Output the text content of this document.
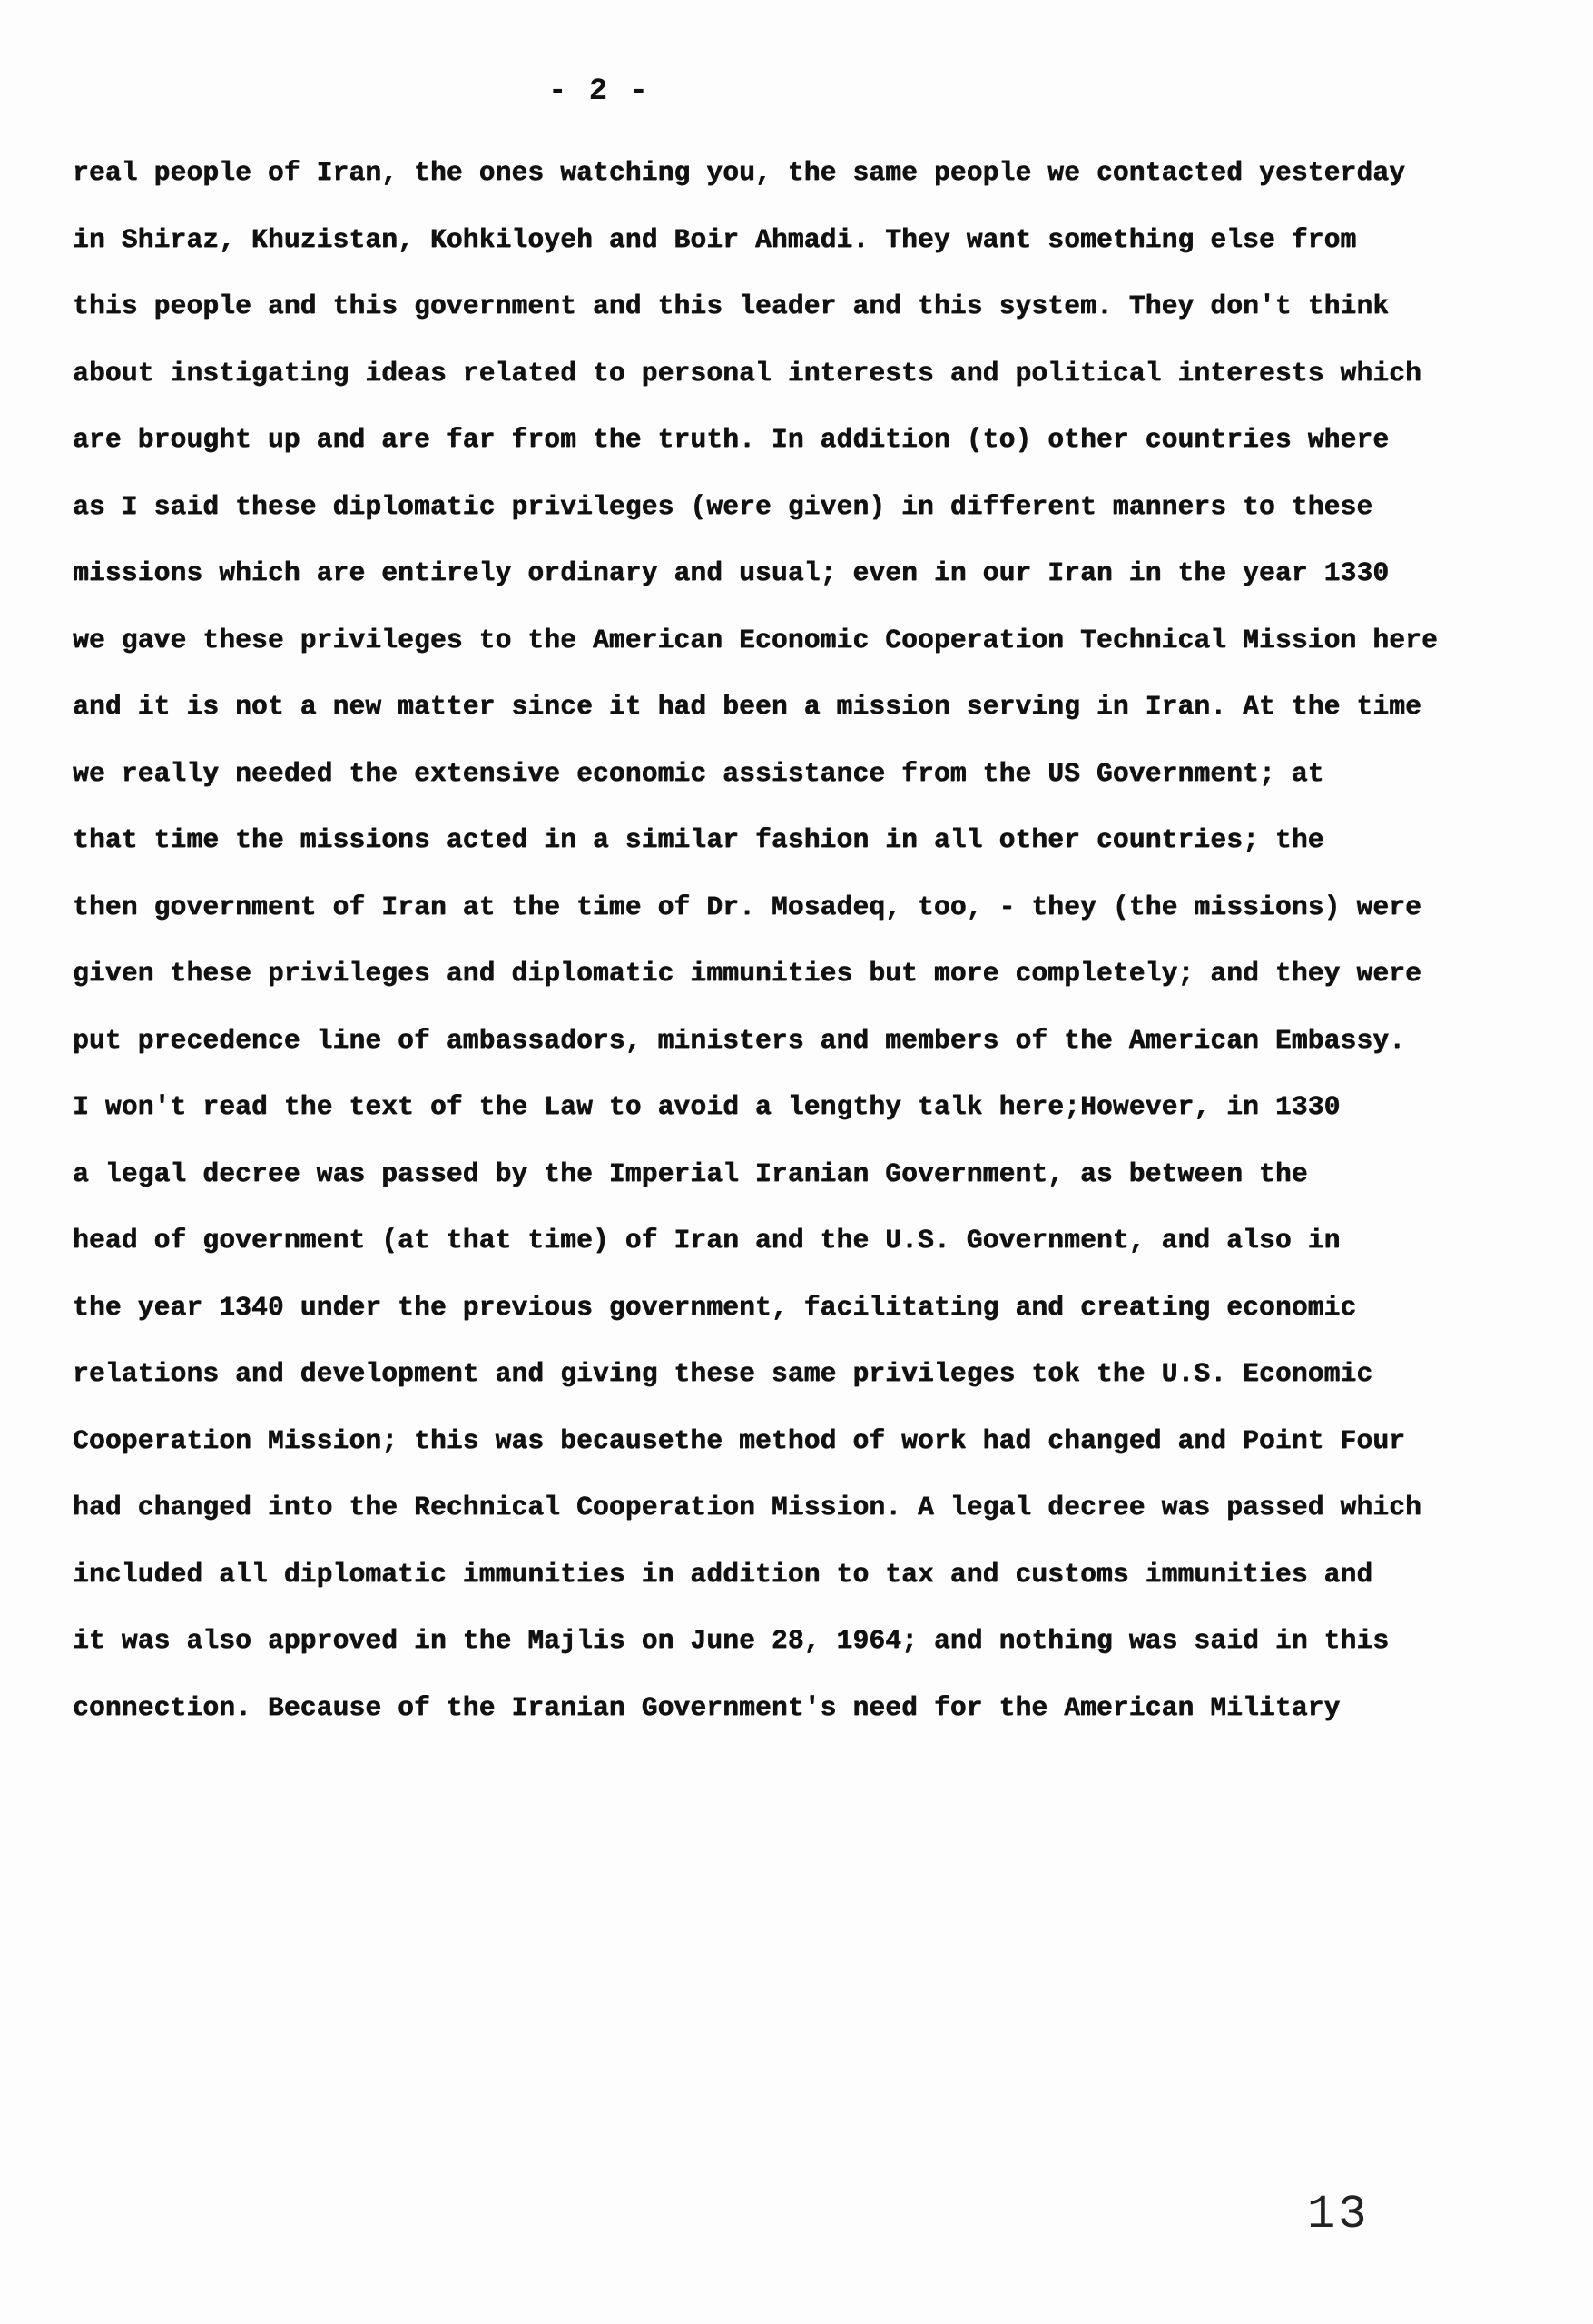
- 2 -
real people of Iran, the ones watching you, the same people we contacted yesterday
in Shiraz, Khuzistan, Kohkiloyeh and Boir Ahmadi. They want something else from
this people and this government and this leader and this system. They don't think
about instigating ideas related to personal interests and political interests which
are brought up and are far from the truth. In addition (to) other countries where
as I said these diplomatic privileges (were given) in different manners to these
missions which are entirely ordinary and usual; even in our Iran in the year 1330
we gave these privileges to the American Economic Cooperation Technical Mission here
and it is not a new matter since it had been a mission serving in Iran. At the time
we really needed the extensive economic assistance from the US Government; at
that time the missions acted in a similar fashion in all other countries; the
then government of Iran at the time of Dr. Mosadeq, too, - they (the missions) were
given these privileges and diplomatic immunities but more completely; and they were
put precedence line of ambassadors, ministers and members of the American Embassy.
I won't read the text of the Law to avoid a lengthy talk here;However, in 1330
a legal decree was passed by the Imperial Iranian Government, as between the
head of government (at that time) of Iran and the U.S. Government, and also in
the year 1340 under the previous government, facilitating and creating economic
relations and development and giving these same privileges tok the U.S. Economic
Cooperation Mission; this was becausethe method of work had changed and Point Four
had changed into the Rechnical Cooperation Mission. A legal decree was passed which
included all diplomatic immunities in addition to tax and customs immunities and
it was also approved in the Majlis on June 28, 1964; and nothing was said in this
connection. Because of the Iranian Government's need for the American Military
13
